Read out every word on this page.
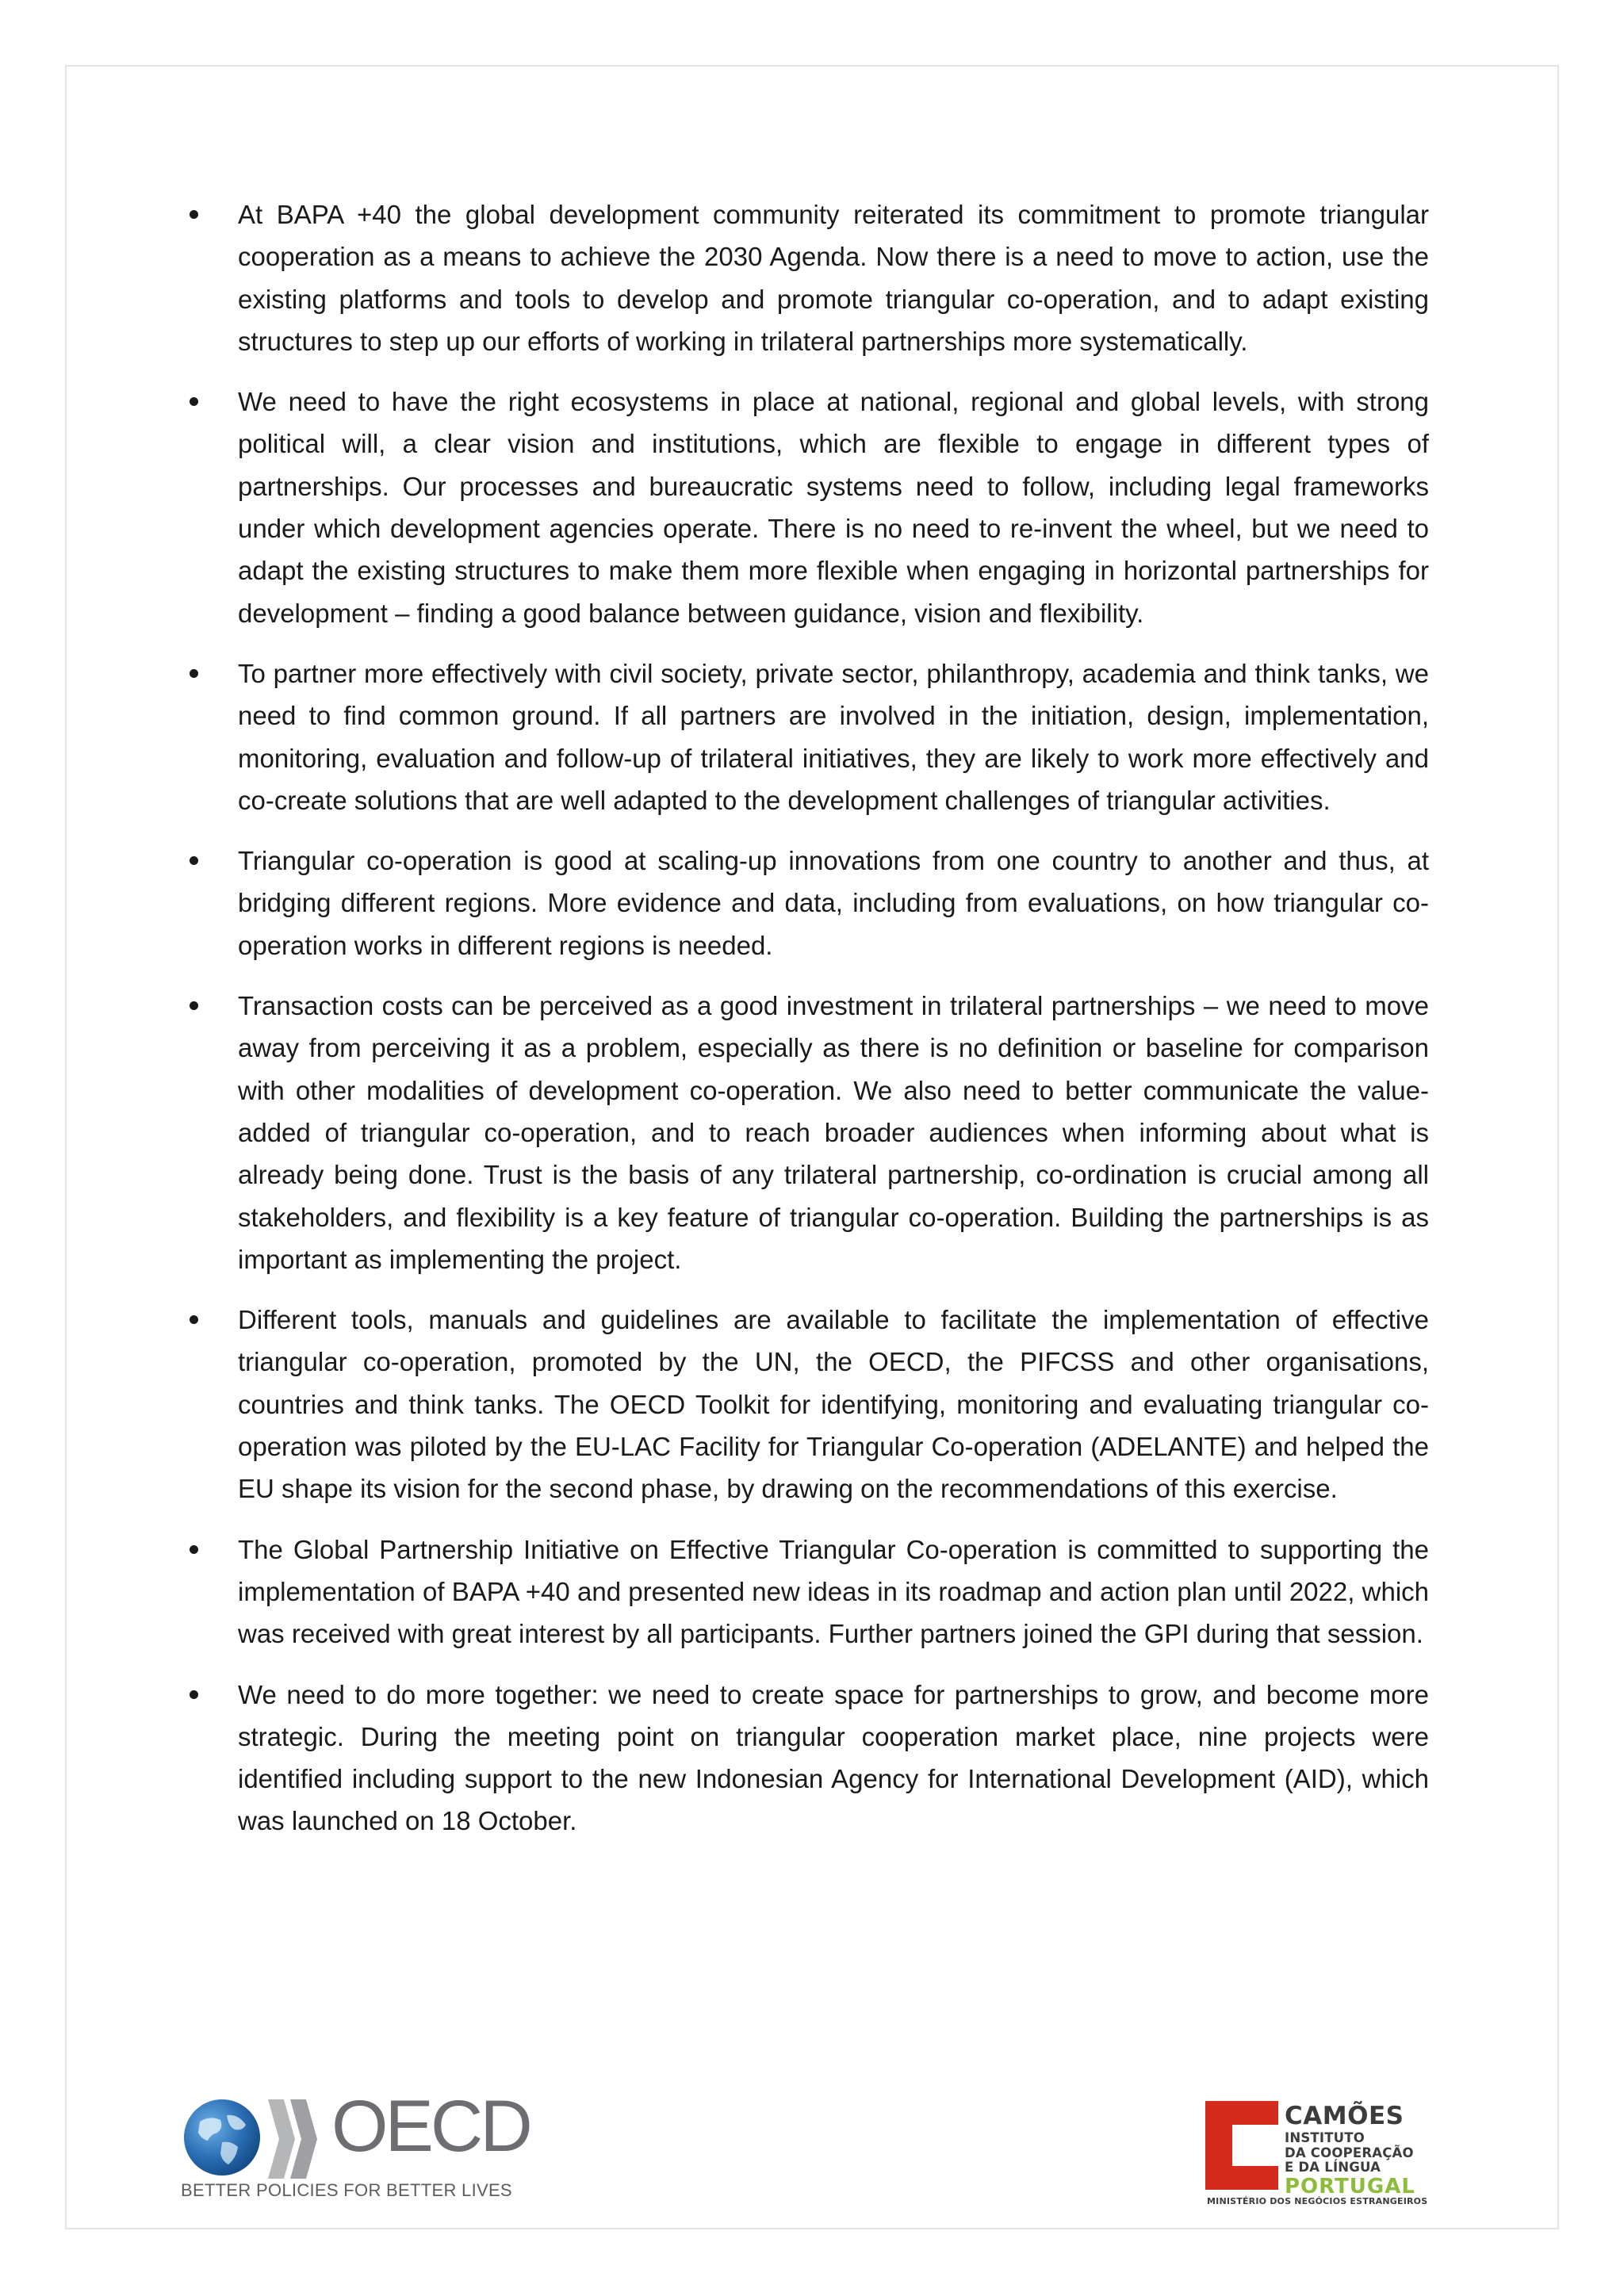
At BAPA +40 the global development community reiterated its commitment to promote triangular cooperation as a means to achieve the 2030 Agenda. Now there is a need to move to action, use the existing platforms and tools to develop and promote triangular co-operation, and to adapt existing structures to step up our efforts of working in trilateral partnerships more systematically.
We need to have the right ecosystems in place at national, regional and global levels, with strong political will, a clear vision and institutions, which are flexible to engage in different types of partnerships. Our processes and bureaucratic systems need to follow, including legal frameworks under which development agencies operate. There is no need to re-invent the wheel, but we need to adapt the existing structures to make them more flexible when engaging in horizontal partnerships for development – finding a good balance between guidance, vision and flexibility.
To partner more effectively with civil society, private sector, philanthropy, academia and think tanks, we need to find common ground. If all partners are involved in the initiation, design, implementation, monitoring, evaluation and follow-up of trilateral initiatives, they are likely to work more effectively and co-create solutions that are well adapted to the development challenges of triangular activities.
Triangular co-operation is good at scaling-up innovations from one country to another and thus, at bridging different regions. More evidence and data, including from evaluations, on how triangular co-operation works in different regions is needed.
Transaction costs can be perceived as a good investment in trilateral partnerships – we need to move away from perceiving it as a problem, especially as there is no definition or baseline for comparison with other modalities of development co-operation. We also need to better communicate the value-added of triangular co-operation, and to reach broader audiences when informing about what is already being done. Trust is the basis of any trilateral partnership, co-ordination is crucial among all stakeholders, and flexibility is a key feature of triangular co-operation. Building the partnerships is as important as implementing the project.
Different tools, manuals and guidelines are available to facilitate the implementation of effective triangular co-operation, promoted by the UN, the OECD, the PIFCSS and other organisations, countries and think tanks. The OECD Toolkit for identifying, monitoring and evaluating triangular co-operation was piloted by the EU-LAC Facility for Triangular Co-operation (ADELANTE) and helped the EU shape its vision for the second phase, by drawing on the recommendations of this exercise.
The Global Partnership Initiative on Effective Triangular Co-operation is committed to supporting the implementation of BAPA +40 and presented new ideas in its roadmap and action plan until 2022, which was received with great interest by all participants. Further partners joined the GPI during that session.
We need to do more together: we need to create space for partnerships to grow, and become more strategic. During the meeting point on triangular cooperation market place, nine projects were identified including support to the new Indonesian Agency for International Development (AID), which was launched on 18 October.
OECD
BETTER POLICIES FOR BETTER LIVES
CAMÕES
INSTITUTO
DA COOPERAÇÃO
E DA LÍNGUA
PORTUGAL
MINISTÉRIO DOS NEGÓCIOS ESTRANGEIROS
